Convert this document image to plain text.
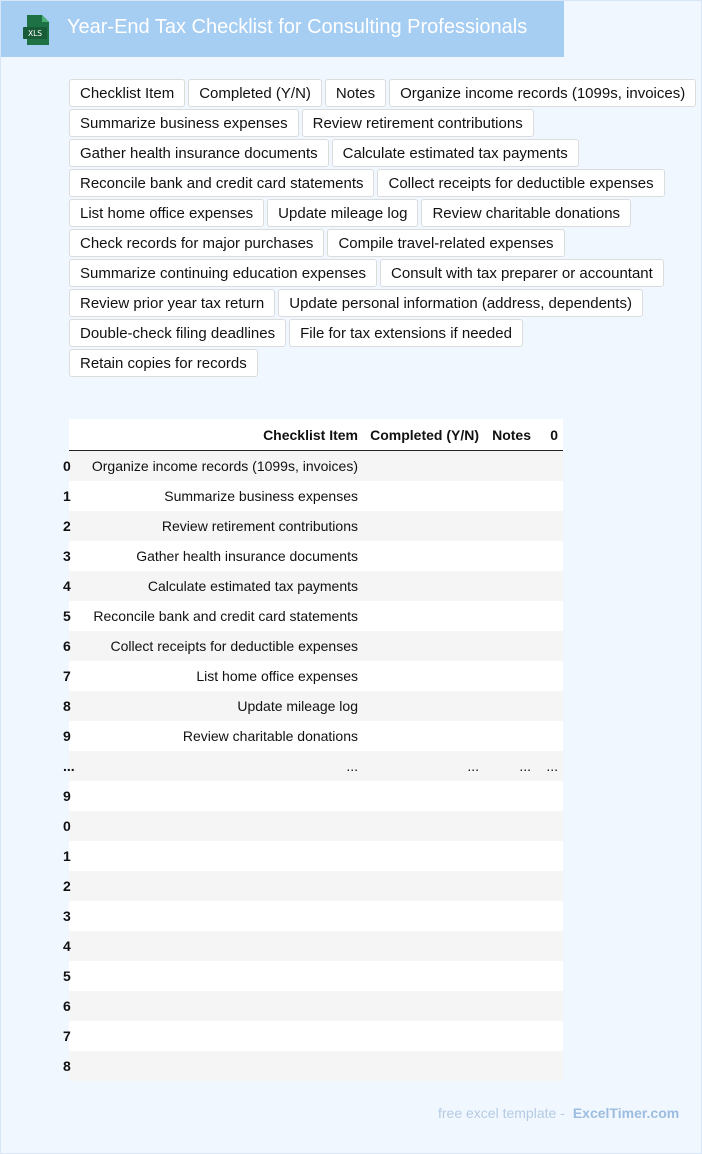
XLS Year-End Tax Checklist for Consulting Professionals
Checklist Item	Completed (Y/N)	Notes	Organize income records (1099s, invoices)
Summarize business expenses	Review retirement contributions
Gather health insurance documents	Calculate estimated tax payments
Reconcile bank and credit card statements	Collect receipts for deductible expenses
List home office expenses	Update mileage log	Review charitable donations
Check records for major purchases	Compile travel-related expenses
Summarize continuing education expenses	Consult with tax preparer or accountant
Review prior year tax return	Update personal information (address, dependents)
Double-check filing deadlines	File for tax extensions if needed
Retain copies for records
	Checklist Item	Completed (Y/N)	Notes	0
0	Organize income records (1099s, invoices)			
1	Summarize business expenses			
2	Review retirement contributions			
3	Gather health insurance documents			
4	Calculate estimated tax payments			
5	Reconcile bank and credit card statements			
6	Collect receipts for deductible expenses			
7	List home office expenses			
8	Update mileage log			
9	Review charitable donations			
...	...	...	...	...
9				
0				
1				
2				
3				
4				
5				
6				
7				
8				
free excel template - ExcelTimer.com
